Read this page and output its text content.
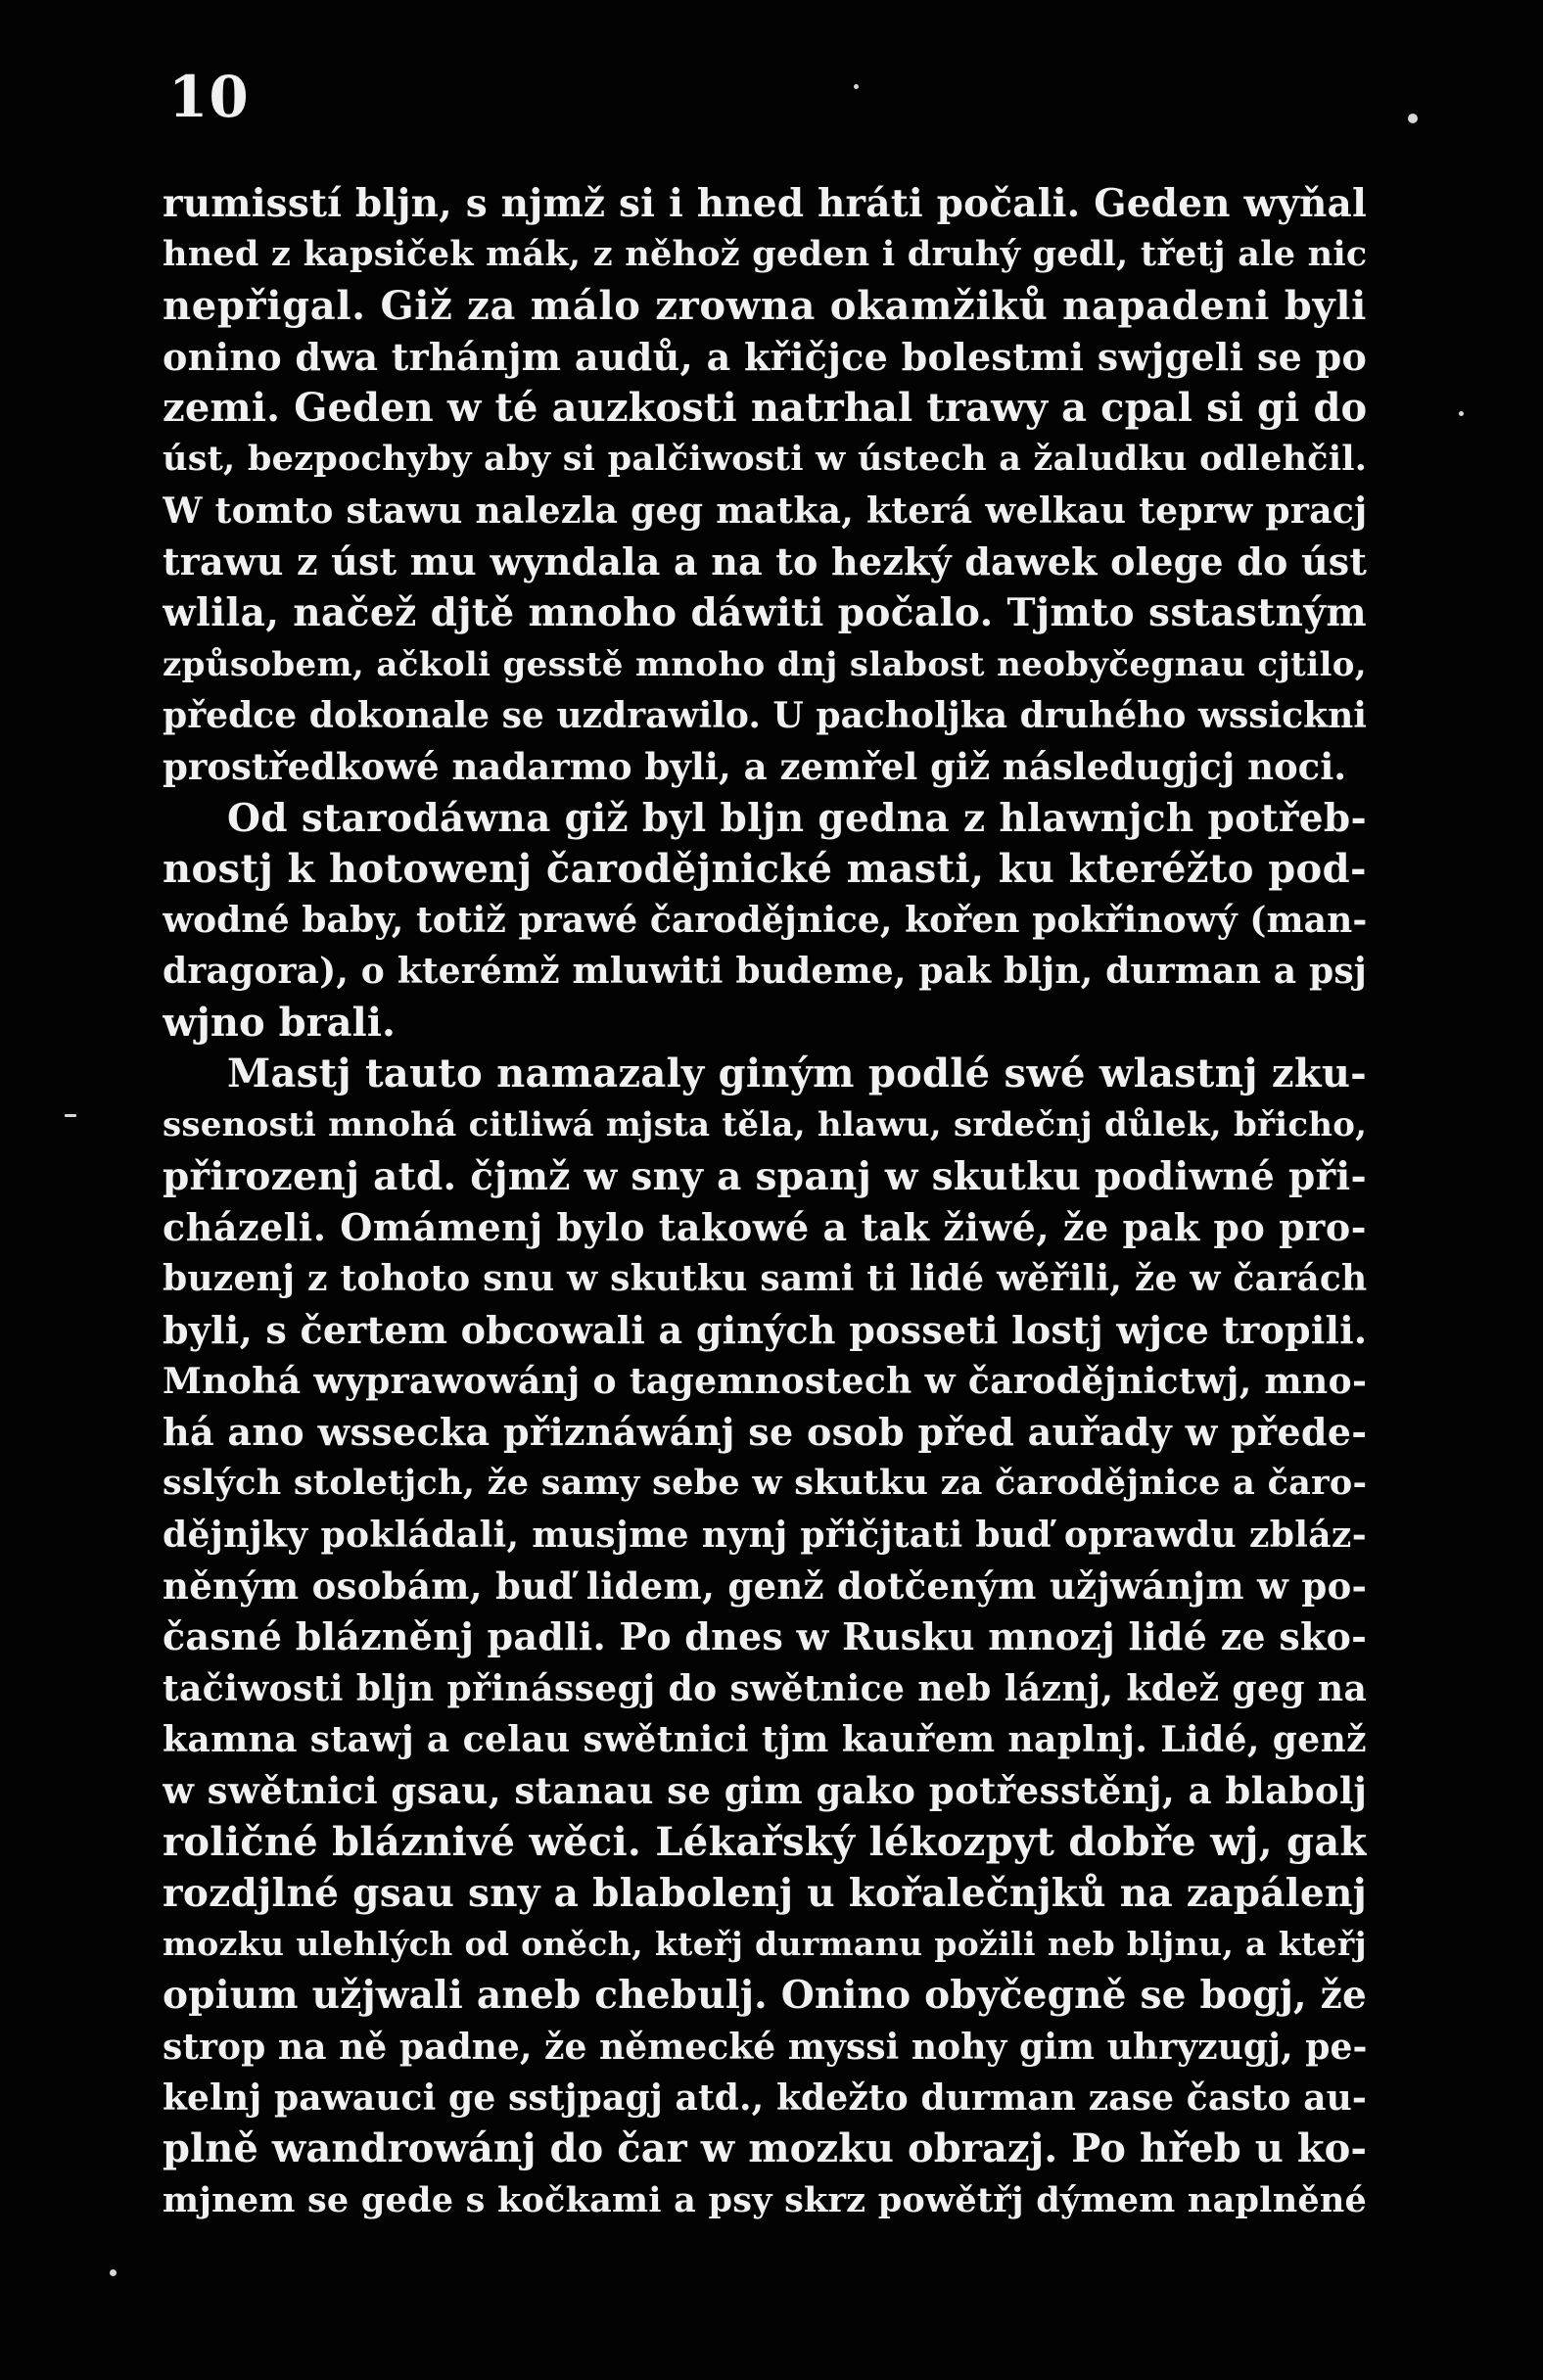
10
rumisstí bljn, s njmž si i hned hráti počali. Geden wyňal
hned z kapsiček mák, z něhož geden i druhý gedl, třetj ale nic
nepřigal. Giž za málo zrowna okamžiků napadeni byli
onino dwa trhánjm audů, a křičjce bolestmi swjgeli se po
zemi. Geden w té auzkosti natrhal trawy a cpal si gi do
úst, bezpochyby aby si palčiwosti w ústech a žaludku odlehčil.
W tomto stawu nalezla geg matka, která welkau teprw pracj
trawu z úst mu wyndala a na to hezký dawek olege do úst
wlila, načež djtě mnoho dáwiti počalo. Tjmto sstastným
způsobem, ačkoli gesstě mnoho dnj slabost neobyčegnau cjtilo,
předce dokonale se uzdrawilo. U pacholjka druhého wssickni
prostředkowé nadarmo byli, a zemřel giž následugjcj noci.
Od starodáwna giž byl bljn gedna z hlawnjch potřeb-
nostj k hotowenj čarodějnické masti, ku kteréžto pod-
wodné baby, totiž prawé čarodějnice, kořen pokřinowý (man-
dragora), o kterémž mluwiti budeme, pak bljn, durman a psj
wjno brali.
Mastj tauto namazaly giným podlé swé wlastnj zku-
ssenosti mnohá citliwá mjsta těla, hlawu, srdečnj důlek, břicho,
přirozenj atd. čjmž w sny a spanj w skutku podiwné při-
cházeli. Omámenj bylo takowé a tak žiwé, že pak po pro-
buzenj z tohoto snu w skutku sami ti lidé wěřili, že w čarách
byli, s čertem obcowali a giných posseti lostj wjce tropili.
Mnohá wyprawowánj o tagemnostech w čarodějnictwj, mno-
há ano wssecka přiznáwánj se osob před auřady w přede-
sslých stoletjch, že samy sebe w skutku za čarodějnice a čaro-
dějnjky pokládali, musjme nynj přičjtati buď oprawdu zbláz-
něným osobám, buď lidem, genž dotčeným užjwánjm w po-
časné blázněnj padli. Po dnes w Rusku mnozj lidé ze sko-
tačiwosti bljn přinássegj do swětnice neb láznj, kdež geg na
kamna stawj a celau swětnici tjm kauřem naplnj. Lidé, genž
w swětnici gsau, stanau se gim gako potřesstěnj, a blabolj
roličné bláznivé wěci. Lékařský lékozpyt dobře wj, gak
rozdjlné gsau sny a blabolenj u kořalečnjků na zapálenj
mozku ulehlých od oněch, kteřj durmanu požili neb bljnu, a kteřj
opium užjwali aneb chebulj. Onino obyčegně se bogj, že
strop na ně padne, že německé myssi nohy gim uhryzugj, pe-
kelnj pawauci ge sstjpagj atd., kdežto durman zase často au-
plně wandrowánj do čar w mozku obrazj. Po hřeb u ko-
mjnem se gede s kočkami a psy skrz powětřj dýmem naplněné
